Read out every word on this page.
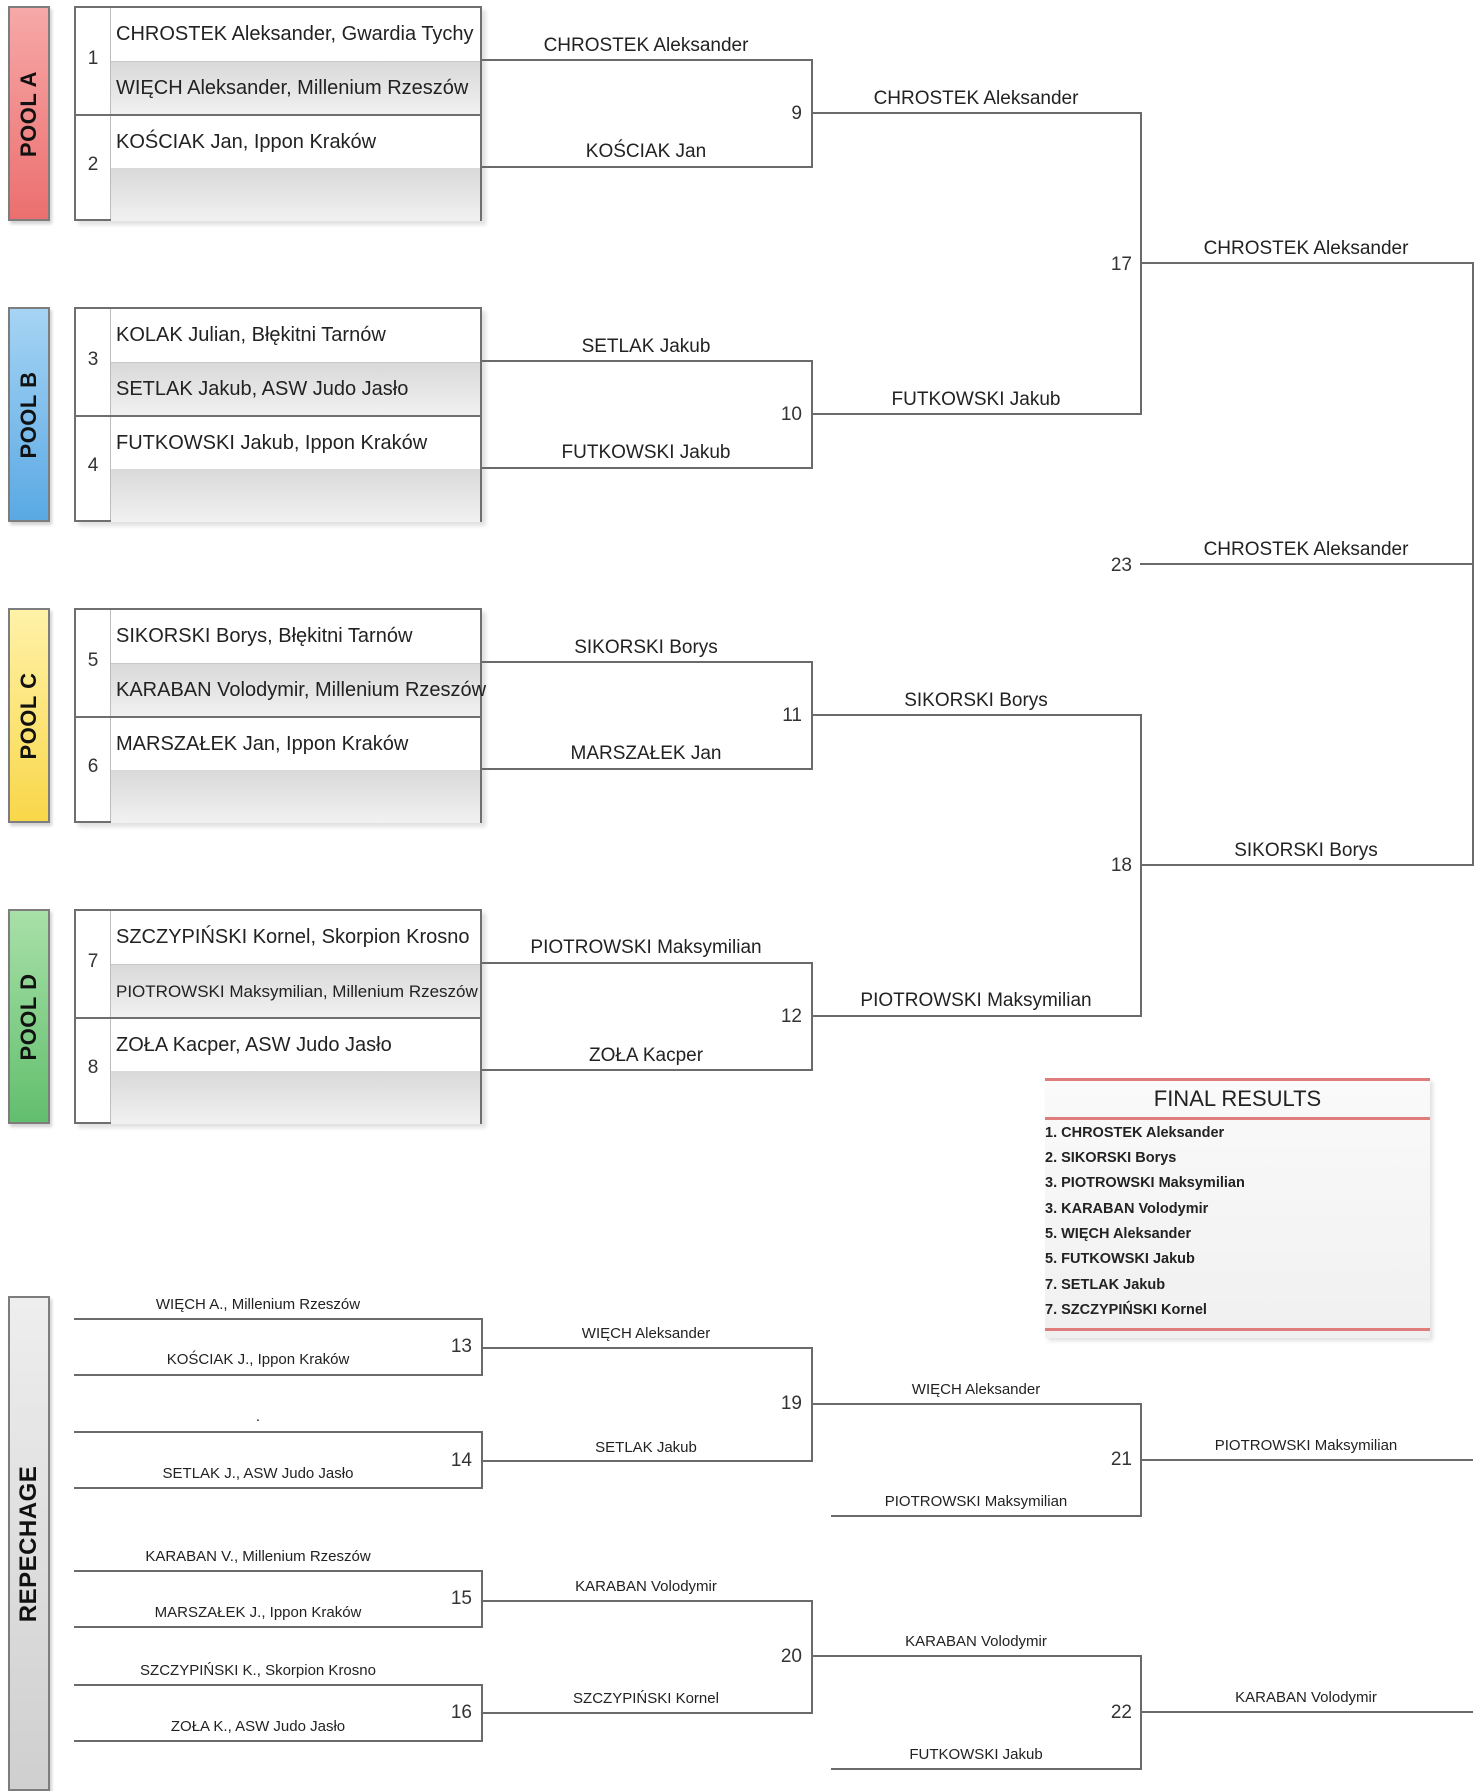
POOL A
CHROSTEK Aleksander, Gwardia Tychy
WIĘCH Aleksander, Millenium Rzeszów
KOŚCIAK Jan, Ippon Kraków
1
2
POOL B
KOLAK Julian, Błękitni Tarnów
SETLAK Jakub, ASW Judo Jasło
FUTKOWSKI Jakub, Ippon Kraków
3
4
POOL C
SIKORSKI Borys, Błękitni Tarnów
KARABAN Volodymir, Millenium Rzeszów
MARSZAŁEK Jan, Ippon Kraków
5
6
POOL D
SZCZYPIŃSKI Kornel, Skorpion Krosno
PIOTROWSKI Maksymilian, Millenium Rzeszów
ZOŁA Kacper, ASW Judo Jasło
7
8
CHROSTEK Aleksander
KOŚCIAK Jan
SETLAK Jakub
FUTKOWSKI Jakub
SIKORSKI Borys
MARSZAŁEK Jan
PIOTROWSKI Maksymilian
ZOŁA Kacper
9
10
11
12
CHROSTEK Aleksander
FUTKOWSKI Jakub
SIKORSKI Borys
PIOTROWSKI Maksymilian
17
18
CHROSTEK Aleksander
SIKORSKI Borys
CHROSTEK Aleksander
23
FINAL RESULTS
1. CHROSTEK Aleksander
2. SIKORSKI Borys
3. PIOTROWSKI Maksymilian
3. KARABAN Volodymir
5. WIĘCH Aleksander
5. FUTKOWSKI Jakub
7. SETLAK Jakub
7. SZCZYPIŃSKI Kornel
REPECHAGE
WIĘCH A., Millenium Rzeszów
KOŚCIAK J., Ippon Kraków
.
SETLAK J., ASW Judo Jasło
KARABAN V., Millenium Rzeszów
MARSZAŁEK J., Ippon Kraków
SZCZYPIŃSKI K., Skorpion Krosno
ZOŁA K., ASW Judo Jasło
13
14
15
16
WIĘCH Aleksander
SETLAK Jakub
KARABAN Volodymir
SZCZYPIŃSKI Kornel
19
20
WIĘCH Aleksander
PIOTROWSKI Maksymilian
KARABAN Volodymir
FUTKOWSKI Jakub
21
22
PIOTROWSKI Maksymilian
KARABAN Volodymir
